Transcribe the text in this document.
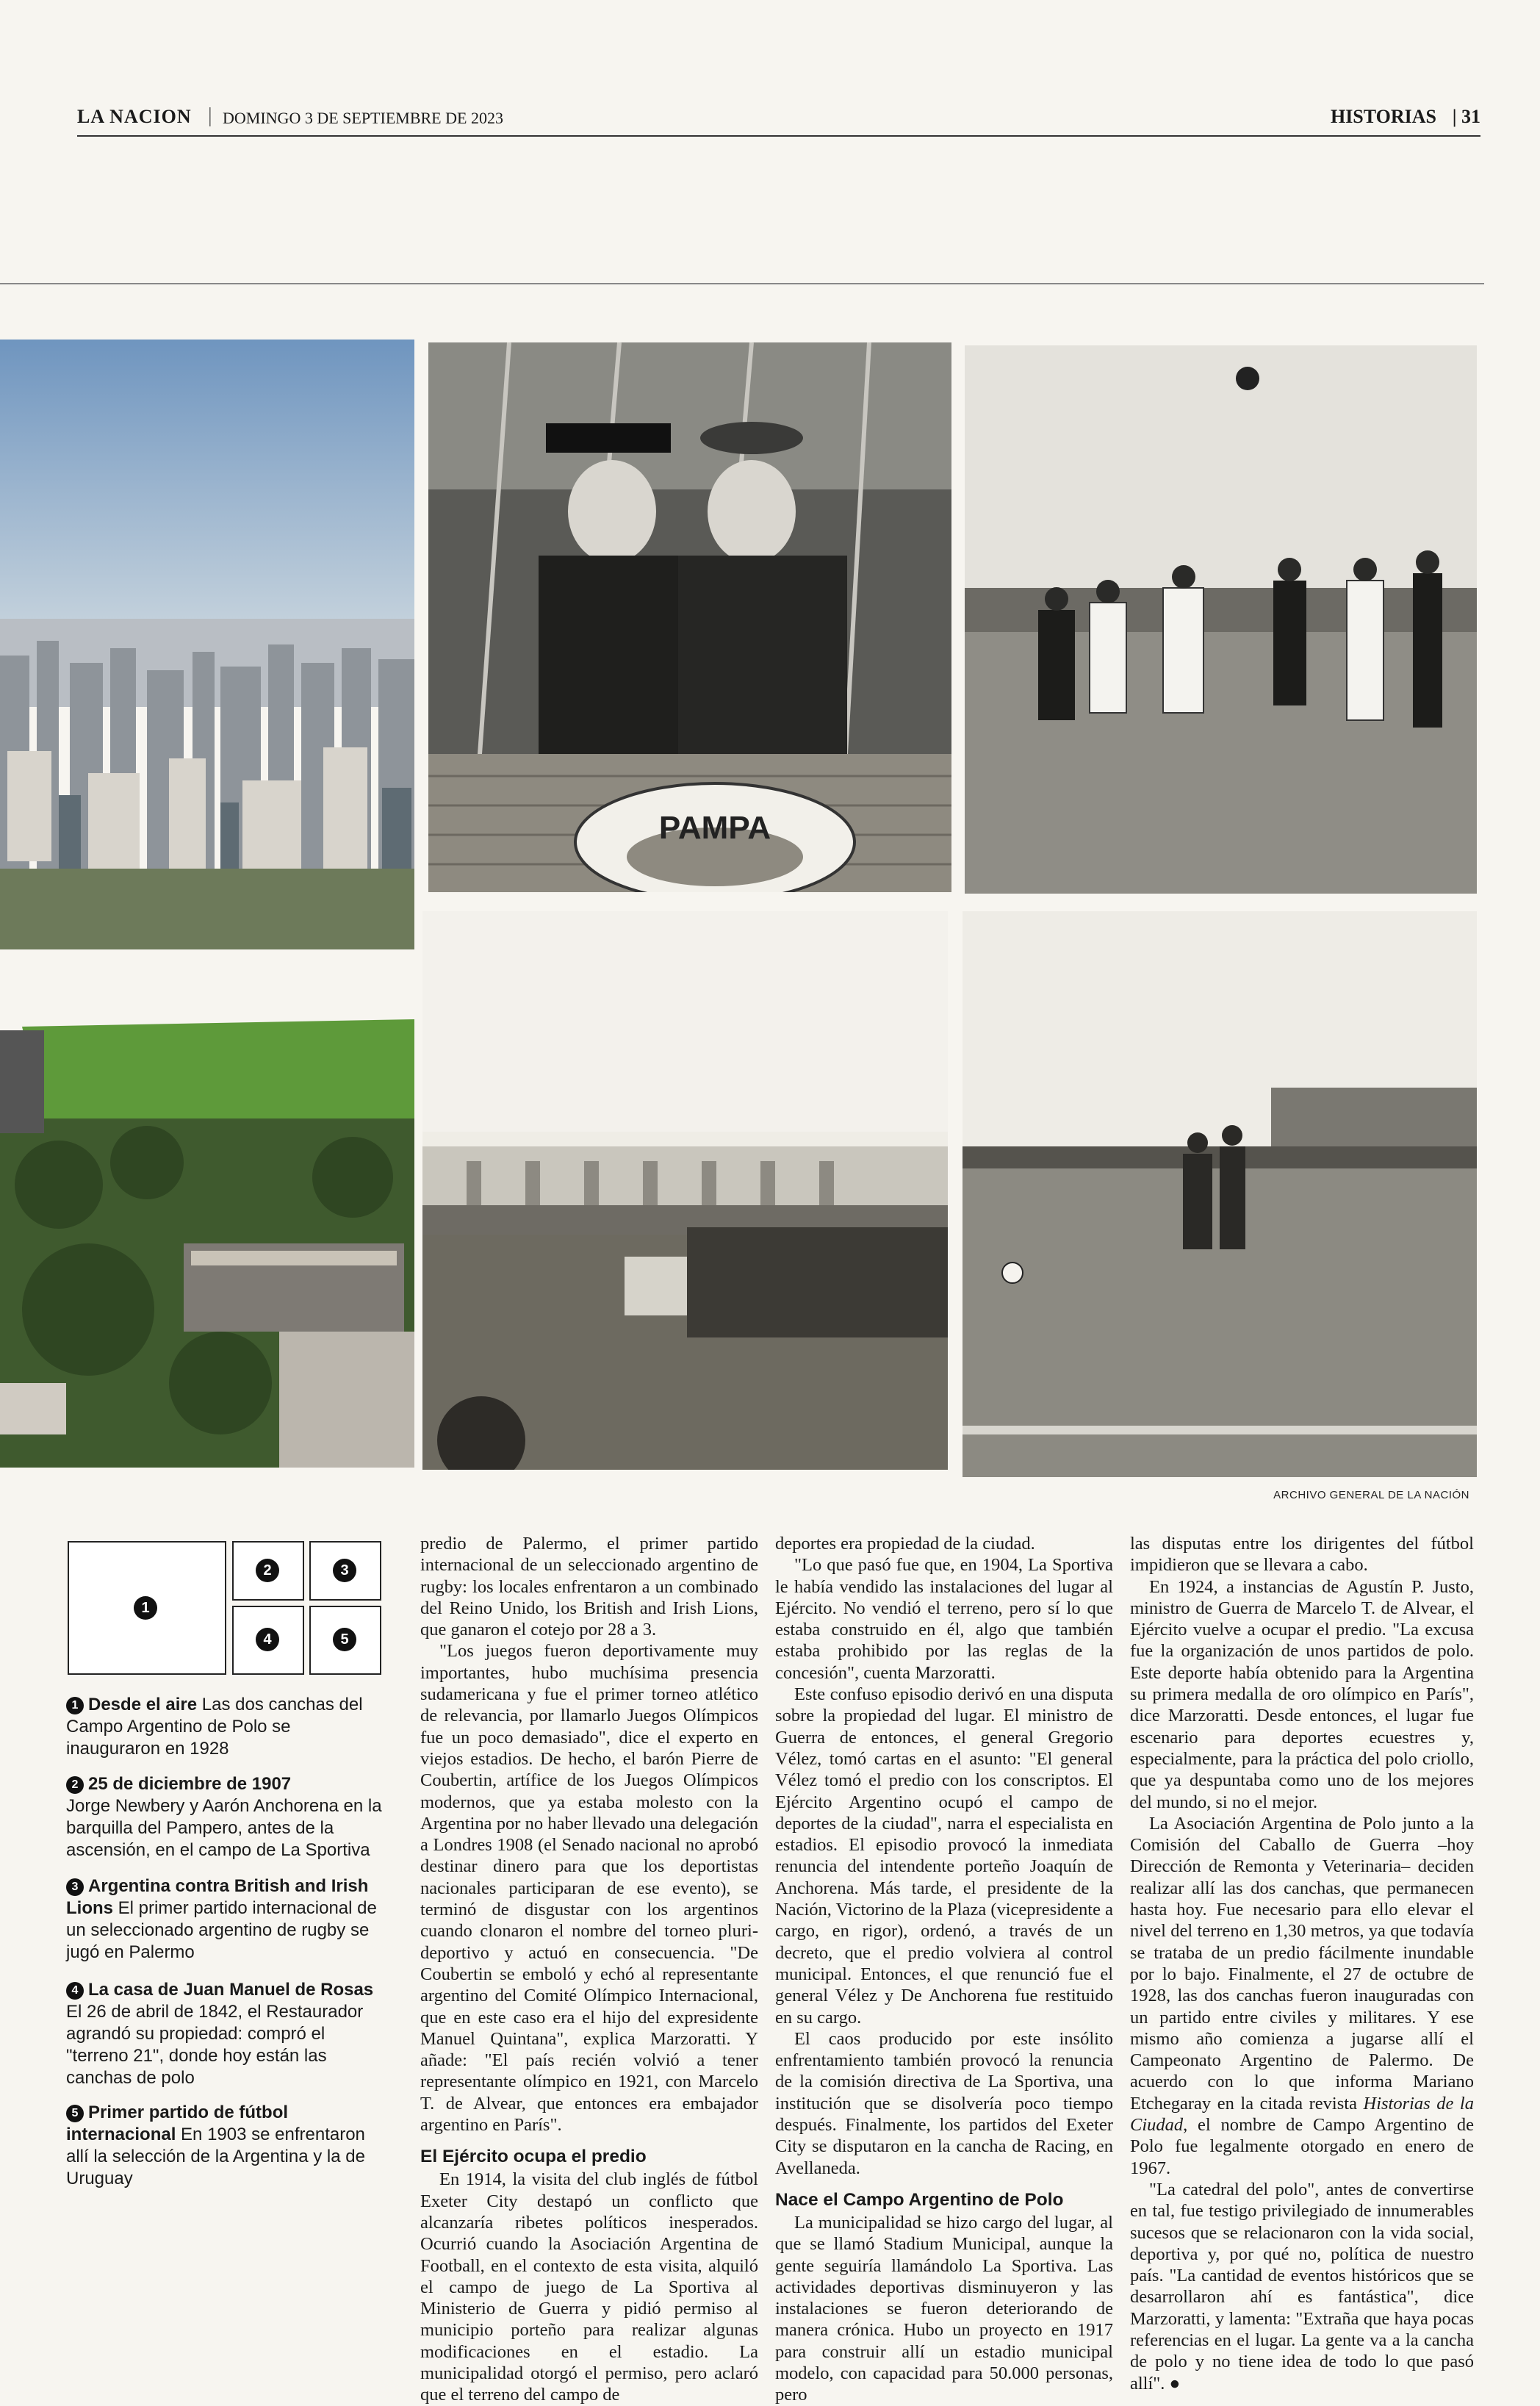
LA NACION | DOMINGO 3 DE SEPTIEMBRE DE 2023	HISTORIAS | 31
PAMPA
ARCHIVO GENERAL DE LA NACIÓN
1
2	3
4	5
1 Desde el aire Las dos canchas del Campo Argentino de Polo se inauguraron en 1928
2 25 de diciembre de 1907
Jorge Newbery y Aarón Anchorena en la barquilla del Pampero, antes de la ascensión, en el campo de La Sportiva
3 Argentina contra British and Irish Lions El primer partido internacional de un seleccionado argentino de rugby se jugó en Palermo
4 La casa de Juan Manuel de Rosas
El 26 de abril de 1842, el Restaurador agrandó su propiedad: compró el "terreno 21", donde hoy están las canchas de polo
5 Primer partido de fútbol internacional En 1903 se enfrentaron allí la selección de la Argentina y la de Uruguay

predio de Palermo, el primer partido internacional de un seleccionado argentino de rugby: los locales enfrentaron a un combinado del Reino Unido, los British and Irish Lions, que ganaron el cotejo por 28 a 3.

"Los juegos fueron deportivamente muy importantes, hubo muchísima presencia sudamericana y fue el primer torneo atlético de relevancia, por llamarlo Juegos Olímpicos fue un poco demasiado", dice el experto en viejos estadios. De hecho, el barón Pierre de Coubertin, artífice de los Juegos Olímpicos modernos, que ya estaba molesto con la Argentina por no haber llevado una delegación a Londres 1908 (el Senado nacional no aprobó destinar dinero para que los deportistas nacionales participaran de ese evento), se terminó de disgustar con los argentinos cuando clonaron el nombre del torneo plurideportivo y actuó en consecuencia. "De Coubertin se emboló y echó al representante argentino del Comité Olímpico Internacional, que en este caso era el hijo del expresidente Manuel Quintana", explica Marzoratti. Y añade: "El país recién volvió a tener representante olímpico en 1921, con Marcelo T. de Alvear, que entonces era embajador argentino en París".

El Ejército ocupa el predio

En 1914, la visita del club inglés de fútbol Exeter City destapó un conflicto que alcanzaría ribetes políticos inesperados. Ocurrió cuando la Asociación Argentina de Football, en el contexto de esta visita, alquiló el campo de juego de La Sportiva al Ministerio de Guerra y pidió permiso al municipio porteño para realizar algunas modificaciones en el estadio. La municipalidad otorgó el permiso, pero aclaró que el terreno del campo de

deportes era propiedad de la ciudad.

"Lo que pasó fue que, en 1904, La Sportiva le había vendido las instalaciones del lugar al Ejército. No vendió el terreno, pero sí lo que estaba construido en él, algo que también estaba prohibido por las reglas de la concesión", cuenta Marzoratti.

Este confuso episodio derivó en una disputa sobre la propiedad del lugar. El ministro de Guerra de entonces, el general Gregorio Vélez, tomó cartas en el asunto: "El general Vélez tomó el predio con los conscriptos. El Ejército Argentino ocupó el campo de deportes de la ciudad", narra el especialista en estadios. El episodio provocó la inmediata renuncia del intendente porteño Joaquín de Anchorena. Más tarde, el presidente de la Nación, Victorino de la Plaza (vicepresidente a cargo, en rigor), ordenó, a través de un decreto, que el predio volviera al control municipal. Entonces, el que renunció fue el general Vélez y De Anchorena fue restituido en su cargo.

El caos producido por este insólito enfrentamiento también provocó la renuncia de la comisión directiva de La Sportiva, una institución que se disolvería poco tiempo después. Finalmente, los partidos del Exeter City se disputaron en la cancha de Racing, en Avellaneda.

Nace el Campo Argentino de Polo

La municipalidad se hizo cargo del lugar, al que se llamó Stadium Municipal, aunque la gente seguiría llamándolo La Sportiva. Las actividades deportivas disminuyeron y las instalaciones se fueron deteriorando de manera crónica. Hubo un proyecto en 1917 para construir allí un estadio municipal modelo, con capacidad para 50.000 personas, pero

las disputas entre los dirigentes del fútbol impidieron que se llevara a cabo.

En 1924, a instancias de Agustín P. Justo, ministro de Guerra de Marcelo T. de Alvear, el Ejército vuelve a ocupar el predio. "La excusa fue la organización de unos partidos de polo. Este deporte había obtenido para la Argentina su primera medalla de oro olímpico en París", dice Marzoratti. Desde entonces, el lugar fue escenario para deportes ecuestres y, especialmente, para la práctica del polo criollo, que ya despuntaba como uno de los mejores del mundo, si no el mejor.

La Asociación Argentina de Polo junto a la Comisión del Caballo de Guerra –hoy Dirección de Remonta y Veterinaria– deciden realizar allí las dos canchas, que permanecen hasta hoy. Fue necesario para ello elevar el nivel del terreno en 1,30 metros, ya que todavía se trataba de un predio fácilmente inundable por lo bajo. Finalmente, el 27 de octubre de 1928, las dos canchas fueron inauguradas con un partido entre civiles y militares. Y ese mismo año comienza a jugarse allí el Campeonato Argentino de Palermo. De acuerdo con lo que informa Mariano Etchegaray en la citada revista Historias de la Ciudad, el nombre de Campo Argentino de Polo fue legalmente otorgado en enero de 1967.

"La catedral del polo", antes de convertirse en tal, fue testigo privilegiado de innumerables sucesos que se relacionaron con la vida social, deportiva y, por qué no, política de nuestro país. "La cantidad de eventos históricos que se desarrollaron ahí es fantástica", dice Marzoratti, y lamenta: "Extraña que haya pocas referencias en el lugar. La gente va a la cancha de polo y no tiene idea de todo lo que pasó allí". ●
